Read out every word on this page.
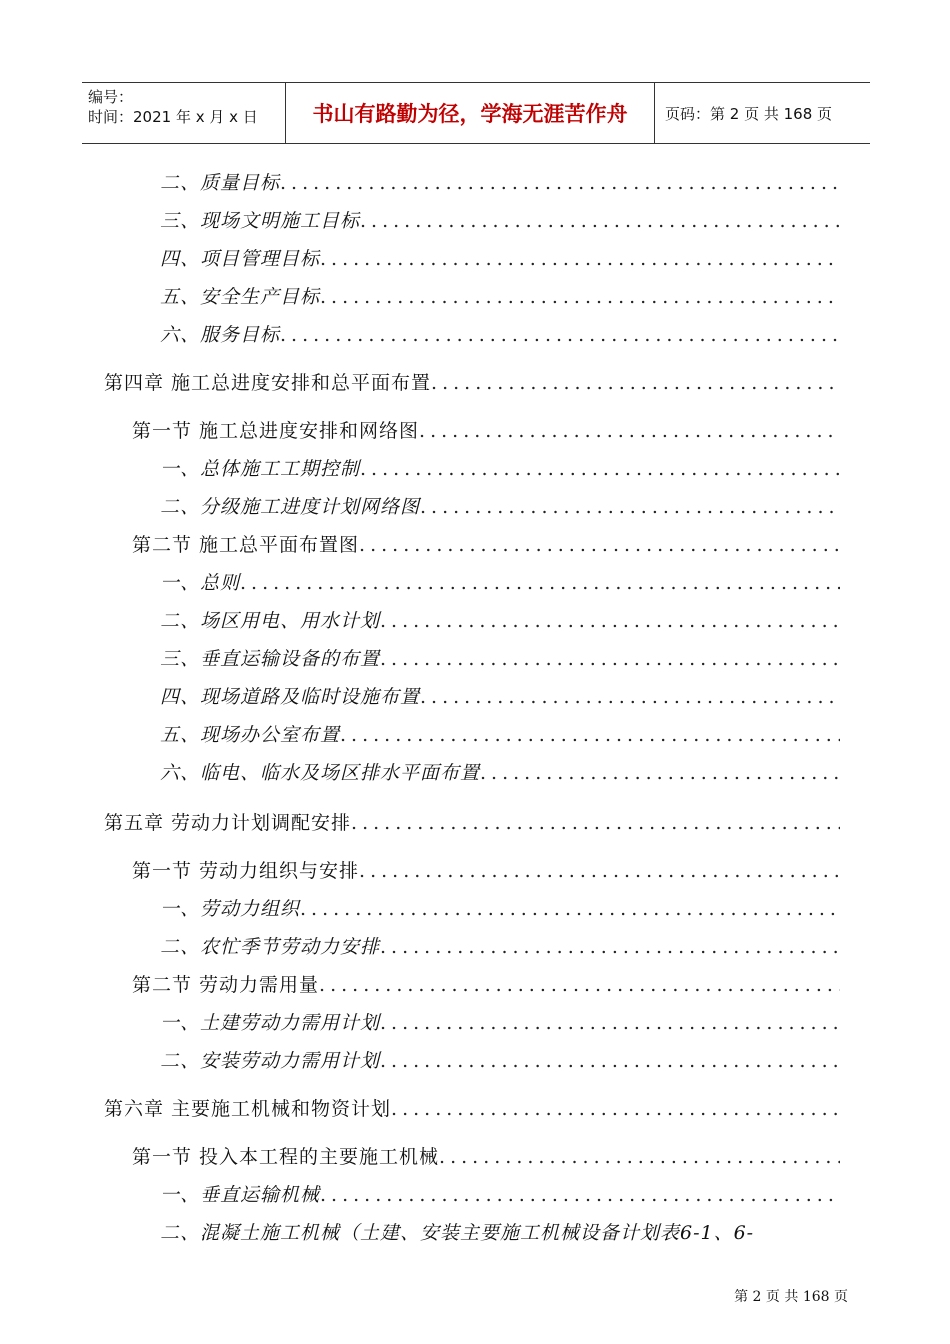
编号：
时间：2021 年 x 月 x 日	书山有路勤为径，学海无涯苦作舟	页码：第 2 页 共 168 页
二、质量目标
.....
三、现场文明施工目标
.....
四、项目管理目标
.....
五、安全生产目标
.....
六、服务目标
.....
第四章 施工总进度安排和总平面布置
.....
第一节 施工总进度安排和网络图
.....
一、总体施工工期控制
.....
二、分级施工进度计划网络图
.....
第二节 施工总平面布置图
.....
一、总则
.....
二、场区用电、用水计划
.....
三、垂直运输设备的布置
.....
四、现场道路及临时设施布置
.....
五、现场办公室布置
.....
六、临电、临水及场区排水平面布置
.....
第五章 劳动力计划调配安排
.....
第一节 劳动力组织与安排
.....
一、劳动力组织
.....
二、农忙季节劳动力安排
.....
第二节 劳动力需用量
.....
一、土建劳动力需用计划
.....
二、安装劳动力需用计划
.....
第六章 主要施工机械和物资计划
.....
第一节 投入本工程的主要施工机械
.....
一、垂直运输机械
.....
二、混凝土施工机械（土建、安装主要施工机械设备计划表6-1、6-
第 2 页 共 168 页
